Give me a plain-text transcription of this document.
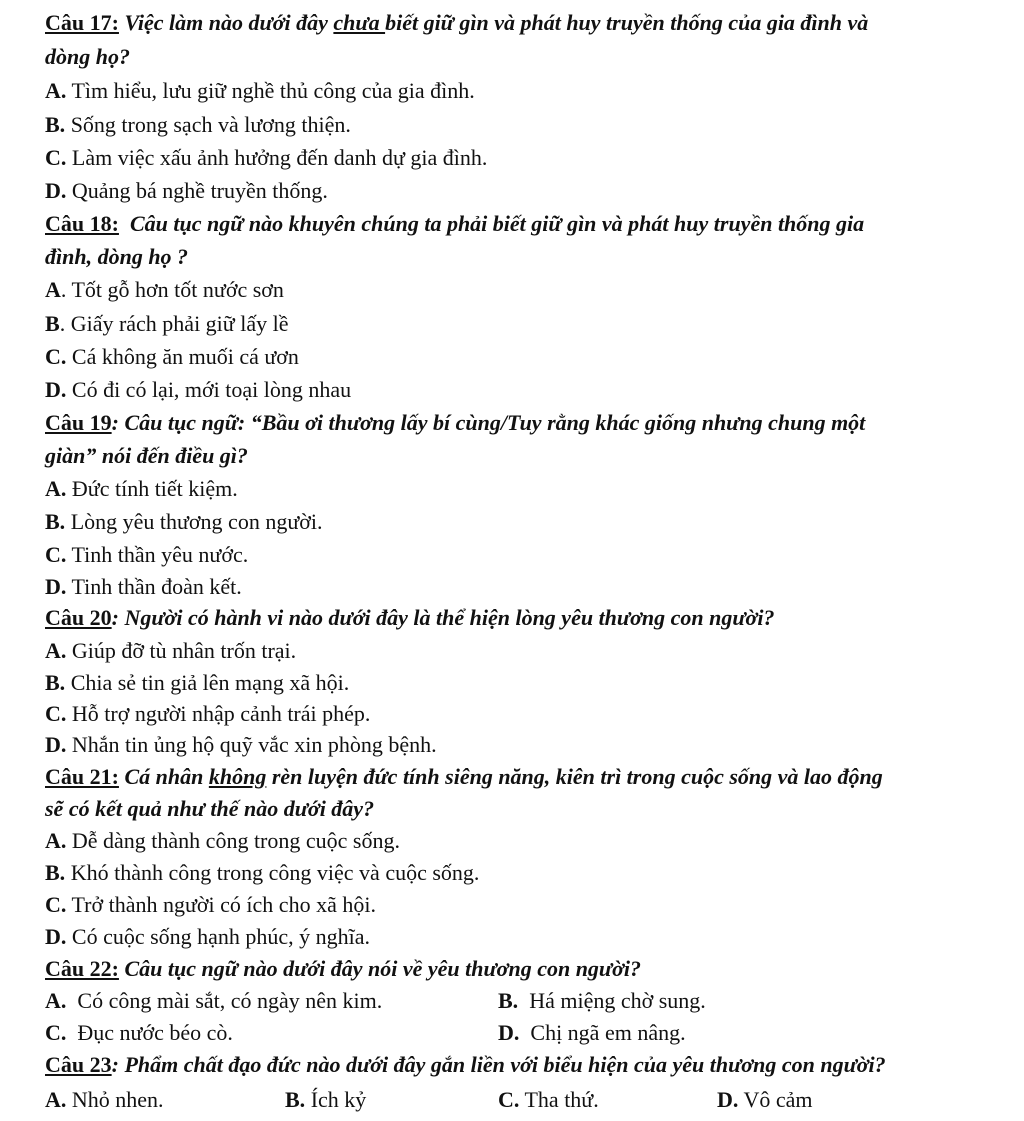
Câu 17: Việc làm nào dưới đây chưa biết giữ gìn và phát huy truyền thống của gia đình và
dòng họ?
A. Tìm hiểu, lưu giữ nghề thủ công của gia đình.
B. Sống trong sạch và lương thiện.
C. Làm việc xấu ảnh hưởng đến danh dự gia đình.
D. Quảng bá nghề truyền thống.
Câu 18:  Câu tục ngữ nào khuyên chúng ta phải biết giữ gìn và phát huy truyền thống gia
đình, dòng họ ?
A. Tốt gỗ hơn tốt nước sơn
B. Giấy rách phải giữ lấy lề
C. Cá không ăn muối cá ươn
D. Có đi có lại, mới toại lòng nhau
Câu 19: Câu tục ngữ: “Bầu ơi thương lấy bí cùng/Tuy rằng khác giống nhưng chung một
giàn” nói đến điều gì?
A. Đức tính tiết kiệm.
B. Lòng yêu thương con người.
C. Tinh thần yêu nước.
D. Tinh thần đoàn kết.
Câu 20: Người có hành vi nào dưới đây là thể hiện lòng yêu thương con người?
A. Giúp đỡ tù nhân trốn trại.
B. Chia sẻ tin giả lên mạng xã hội.
C. Hỗ trợ người nhập cảnh trái phép.
D. Nhắn tin ủng hộ quỹ vắc xin phòng bệnh.
Câu 21: Cá nhân không rèn luyện đức tính siêng năng, kiên trì trong cuộc sống và lao động
sẽ có kết quả như thế nào dưới đây?
A. Dễ dàng thành công trong cuộc sống.
B. Khó thành công trong công việc và cuộc sống.
C. Trở thành người có ích cho xã hội.
D. Có cuộc sống hạnh phúc, ý nghĩa.
Câu 22: Câu tục ngữ nào dưới đây nói về yêu thương con người?
A.  Có công mài sắt, có ngày nên kim.	B.  Há miệng chờ sung.
C.  Đục nước béo cò.	D.  Chị ngã em nâng.
Câu 23: Phẩm chất đạo đức nào dưới đây gắn liền với biểu hiện của yêu thương con người?
A. Nhỏ nhen.	B. Ích kỷ	C. Tha thứ.	D. Vô cảm
